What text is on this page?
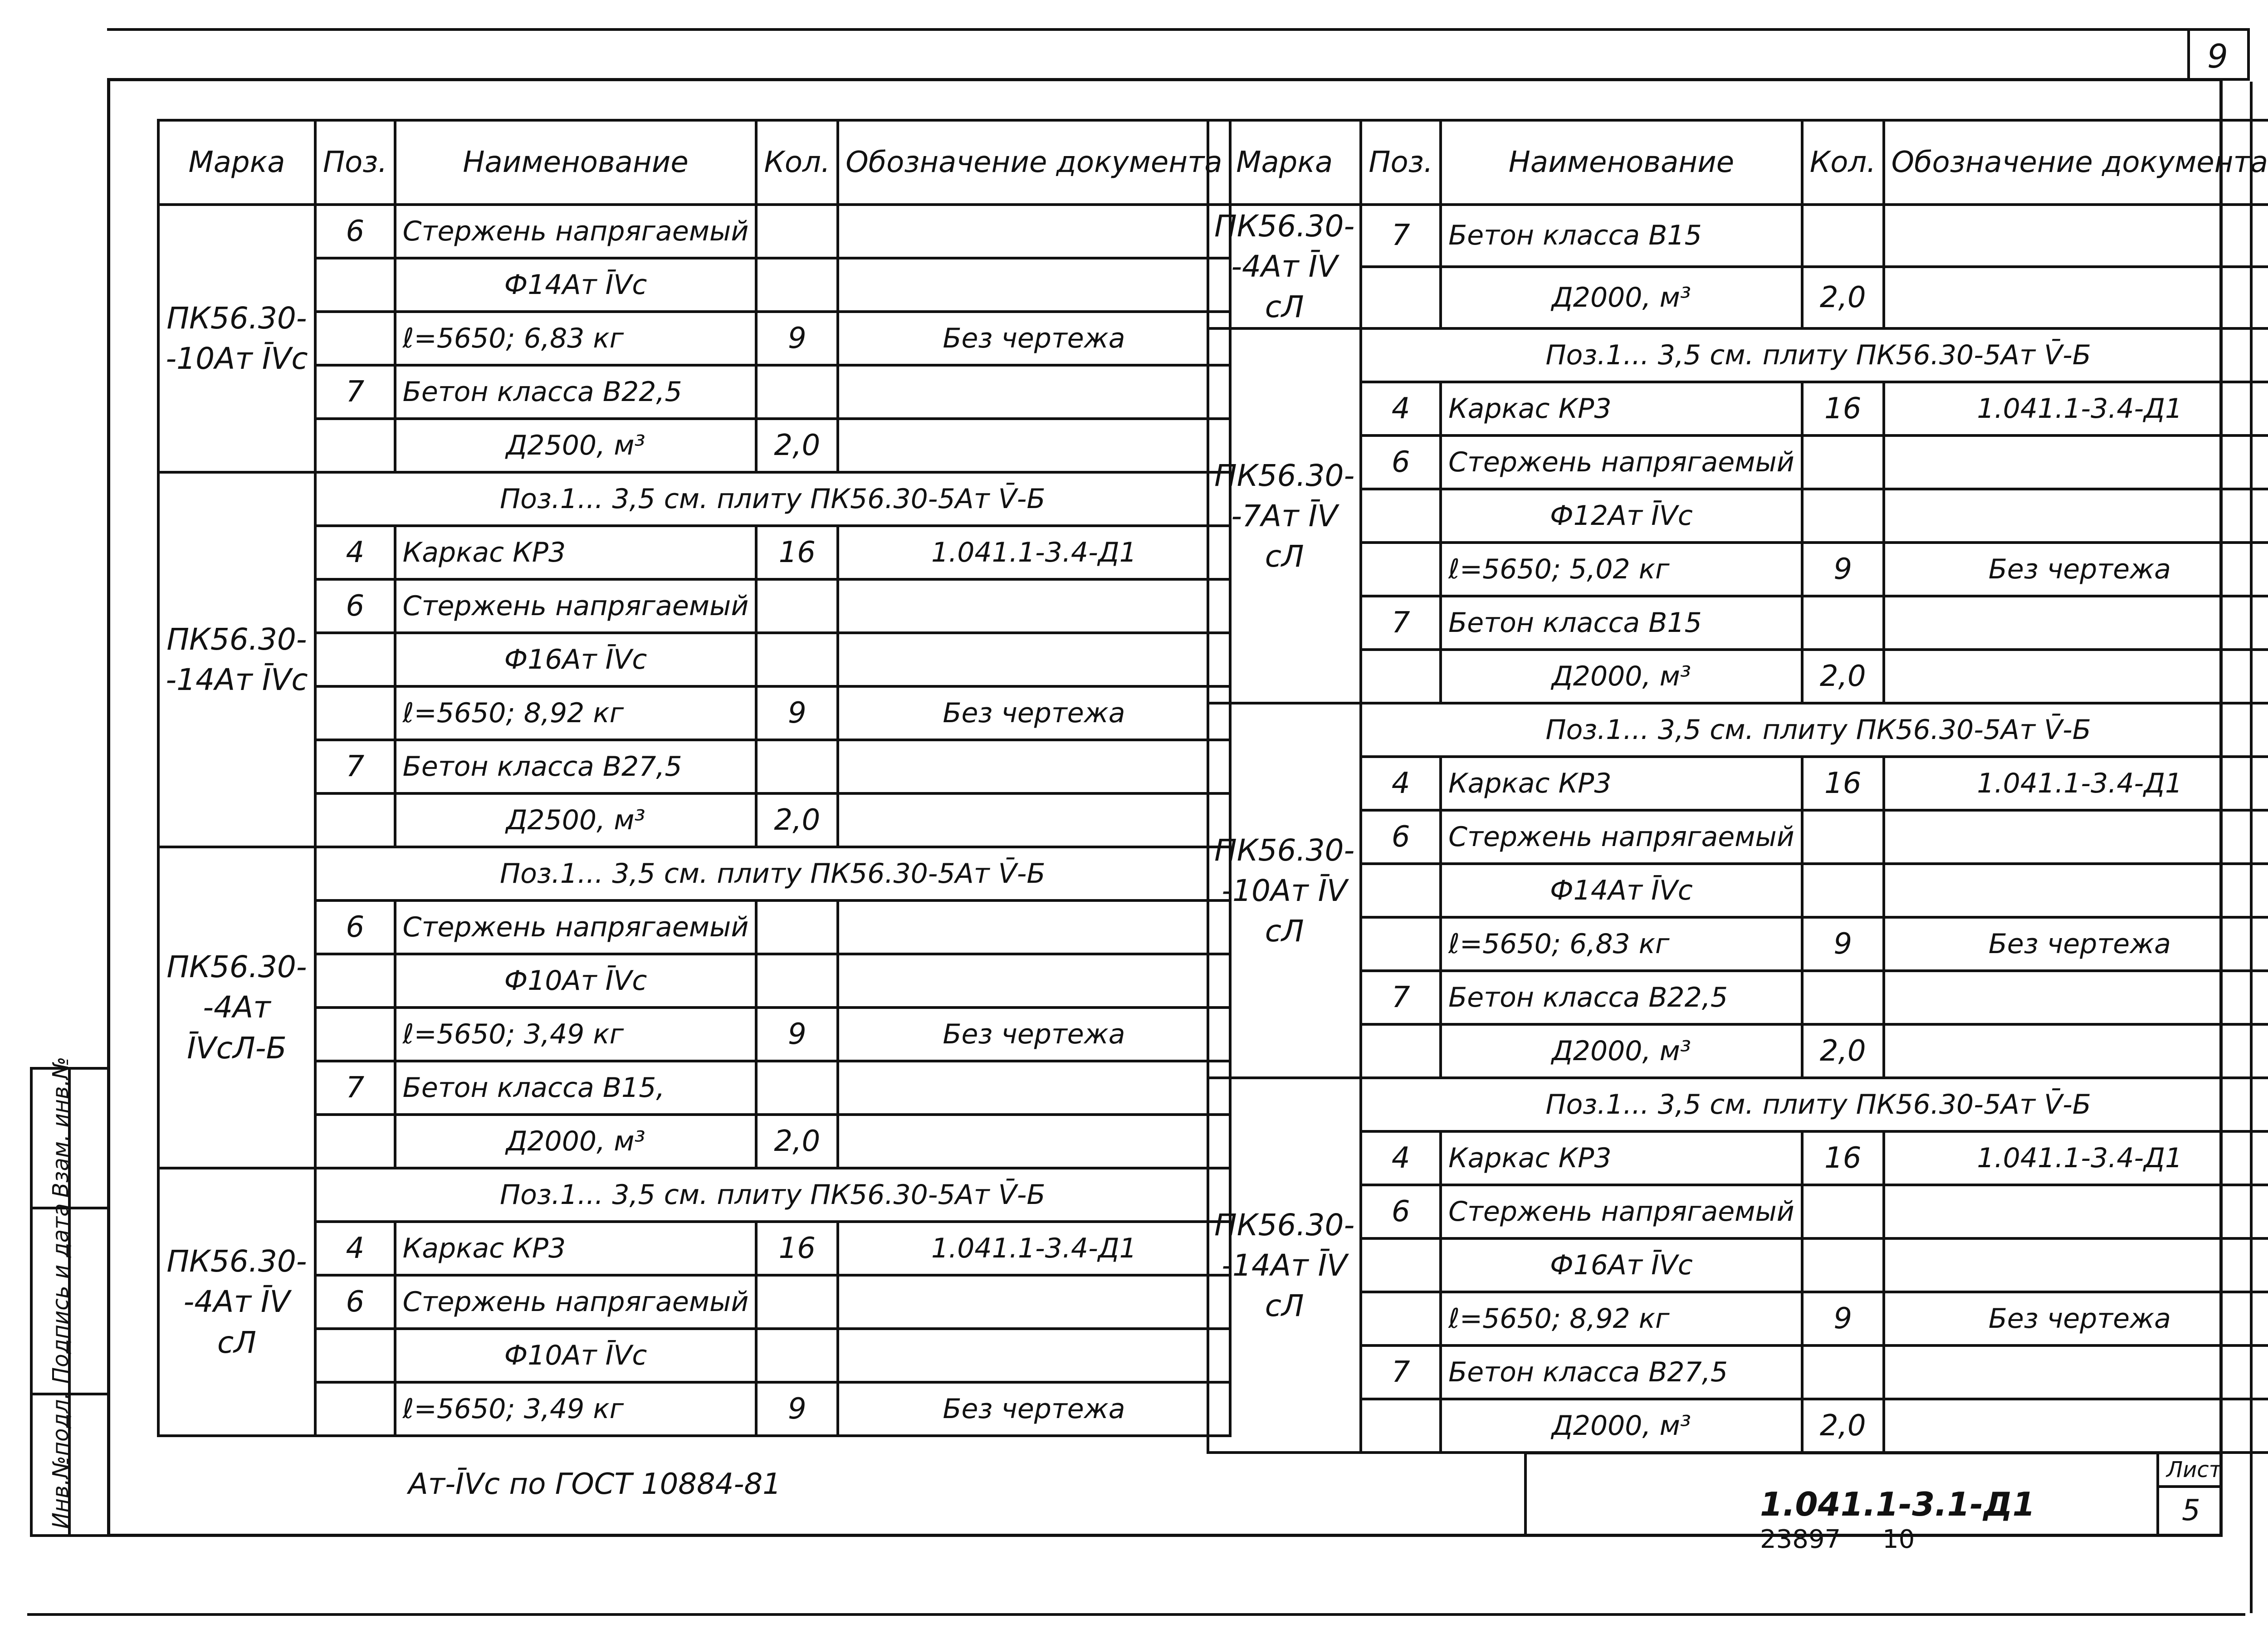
9
Инв.№подл.
Подпись и дата
Взам. инв.№
Марка	Поз.	Наименование	Кол.	Обозначение документа
ПК56.30- -10Ат ĪVс	6	Стержень напрягаемый		
		Ф14Ат ĪVс		
		ℓ=5650; 6,83 кг	9	Без чертежа
	7	Бетон класса В22,5		
		Д2500, м³	2,0	
ПК56.30- -14Ат ĪVс	Поз.1... 3,5 см. плиту ПК56.30-5Ат V̄-Б			
	4	Каркас КР3	16	1.041.1-3.4-Д1
	6	Стержень напрягаемый		
		Ф16Ат ĪVс		
		ℓ=5650; 8,92 кг	9	Без чертежа
	7	Бетон класса В27,5		
		Д2500, м³	2,0	
ПК56.30- -4Ат ĪVсЛ-Б	Поз.1... 3,5 см. плиту ПК56.30-5Ат V̄-Б			
	6	Стержень напрягаемый		
		Ф10Ат ĪVс		
		ℓ=5650; 3,49 кг	9	Без чертежа
	7	Бетон класса В15,		
		Д2000, м³	2,0	
ПК56.30- -4Ат ĪV сЛ	Поз.1... 3,5 см. плиту ПК56.30-5Ат V̄-Б			
	4	Каркас КР3	16	1.041.1-3.4-Д1
	6	Стержень напрягаемый		
		Ф10Ат ĪVс		
		ℓ=5650; 3,49 кг	9	Без чертежа
Марка	Поз.	Наименование	Кол.	Обозначение документа
ПК56.30- -4Ат ĪV сЛ	7	Бетон класса В15		
		Д2000, м³	2,0	
ПК56.30- -7Ат ĪV сЛ	Поз.1... 3,5 см. плиту ПК56.30-5Ат V̄-Б			
	4	Каркас КР3	16	1.041.1-3.4-Д1
	6	Стержень напрягаемый		
		Ф12Ат ĪVс		
		ℓ=5650; 5,02 кг	9	Без чертежа
	7	Бетон класса В15		
		Д2000, м³	2,0	
ПК56.30- -10Ат ĪV сЛ	Поз.1... 3,5 см. плиту ПК56.30-5Ат V̄-Б			
	4	Каркас КР3	16	1.041.1-3.4-Д1
	6	Стержень напрягаемый		
		Ф14Ат ĪVс		
		ℓ=5650; 6,83 кг	9	Без чертежа
	7	Бетон класса В22,5		
		Д2000, м³	2,0	
ПК56.30- -14Ат ĪV сЛ	Поз.1... 3,5 см. плиту ПК56.30-5Ат V̄-Б			
	4	Каркас КР3	16	1.041.1-3.4-Д1
	6	Стержень напрягаемый		
		Ф16Ат ĪVс		
		ℓ=5650; 8,92 кг	9	Без чертежа
	7	Бетон класса В27,5		
		Д2000, м³	2,0	
Ат-ĪVс по ГОСТ 10884-81	Лист
5
1.041.1-3.1-Д1
23897 10
